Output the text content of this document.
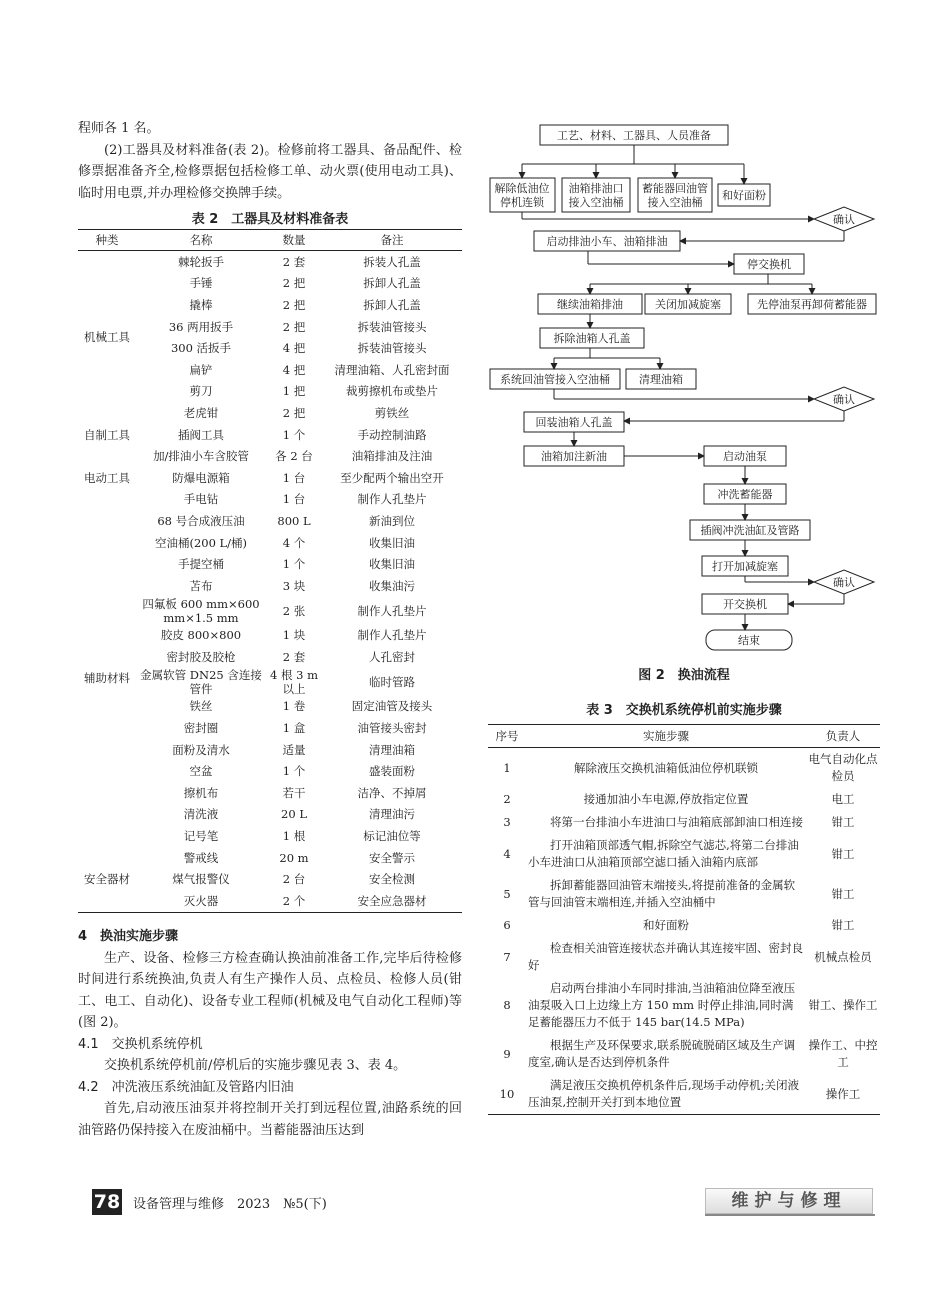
程师各 1 名。

(2)工器具及材料准备(表 2)。检修前将工器具、备品配件、检修票据准备齐全,检修票据包括检修工单、动火票(使用电动工具)、临时用电票,并办理检修交换牌手续。

表 2　工器具及材料准备表
种类	名称	数量	备注
机械工具	棘轮扳手	2 套	拆装人孔盖
	手锤	2 把	拆卸人孔盖
	撬棒	2 把	拆卸人孔盖
	36 两用扳手	2 把	拆装油管接头
	300 活扳手	4 把	拆装油管接头
	扁铲	4 把	清理油箱、人孔密封面
	剪刀	1 把	裁剪擦机布或垫片
	老虎钳	2 把	剪铁丝
自制工具	插阀工具	1 个	手动控制油路
电动工具	加/排油小车含胶管	各 2 台	油箱排油及注油
	防爆电源箱	1 台	至少配两个输出空开
	手电钻	1 台	制作人孔垫片
辅助材料	68 号合成液压油	800 L	新油到位
	空油桶(200 L/桶)	4 个	收集旧油
	手提空桶	1 个	收集旧油
	苫布	3 块	收集油污
	四氟板 600 mm×600 mm×1.5 mm	2 张	制作人孔垫片
	胶皮 800×800	1 块	制作人孔垫片
	密封胶及胶枪	2 套	人孔密封
	金属软管 DN25 含连接管件	4 根 3 m 以上	临时管路
	铁丝	1 卷	固定油管及接头
	密封圈	1 盒	油管接头密封
	面粉及清水	适量	清理油箱
	空盆	1 个	盛装面粉
	擦机布	若干	洁净、不掉屑
	清洗液	20 L	清理油污
	记号笔	1 根	标记油位等
安全器材	警戒线	20 m	安全警示
	煤气报警仪	2 台	安全检测
	灭火器	2 个	安全应急器材
4　换油实施步骤

生产、设备、检修三方检查确认换油前准备工作,完毕后待检修时间进行系统换油,负责人有生产操作人员、点检员、检修人员(钳工、电工、自动化)、设备专业工程师(机械及电气自动化工程师)等(图 2)。

4.1　交换机系统停机

交换机系统停机前/停机后的实施步骤见表 3、表 4。

4.2　冲洗液压系统油缸及管路内旧油

首先,启动液压油泵并将控制开关打到远程位置,油路系统的回油管路仍保持接入在废油桶中。当蓄能器油压达到

工艺、材料、工器具、人员准备
解除低油位
停机连锁
油箱排油口
接入空油桶
蓄能器回油管
接入空油桶
和好面粉
确认
启动排油小车、油箱排油
停交换机
继续油箱排油	关闭加减旋塞	先停油泵再卸荷蓄能器
拆除油箱人孔盖
系统回油管接入空油桶	清理油箱
确认
回装油箱人孔盖
油箱加注新油	启动油泵
冲洗蓄能器
插阀冲洗油缸及管路
打开加减旋塞
确认
开交换机
结束
图 2　换油流程
表 3　交换机系统停机前实施步骤
序号	实施步骤	负责人
1	解除液压交换机油箱低油位停机联锁	电气自动化点检员
2	接通加油小车电源,停放指定位置	电工
3	将第一台排油小车进油口与油箱底部卸油口相连接	钳工
4	打开油箱顶部透气帽,拆除空气滤芯,将第二台排油小车进油口从油箱顶部空滤口插入油箱内底部	钳工
5	拆卸蓄能器回油管末端接头,将提前准备的金属软管与回油管末端相连,并插入空油桶中	钳工
6	和好面粉	钳工
7	检查相关油管连接状态并确认其连接牢固、密封良好	机械点检员
8	启动两台排油小车同时排油,当油箱油位降至液压油泵吸入口上边缘上方 150 mm 时停止排油,同时满足蓄能器压力不低于 145 bar(14.5 MPa)	钳工、操作工
9	根据生产及环保要求,联系脱硫脱硝区域及生产调度室,确认是否达到停机条件	操作工、中控工
10	满足液压交换机停机条件后,现场手动停机;关闭液压油泵,控制开关打到本地位置	操作工
78 设备管理与维修　2023　№5(下)	维护与修理
